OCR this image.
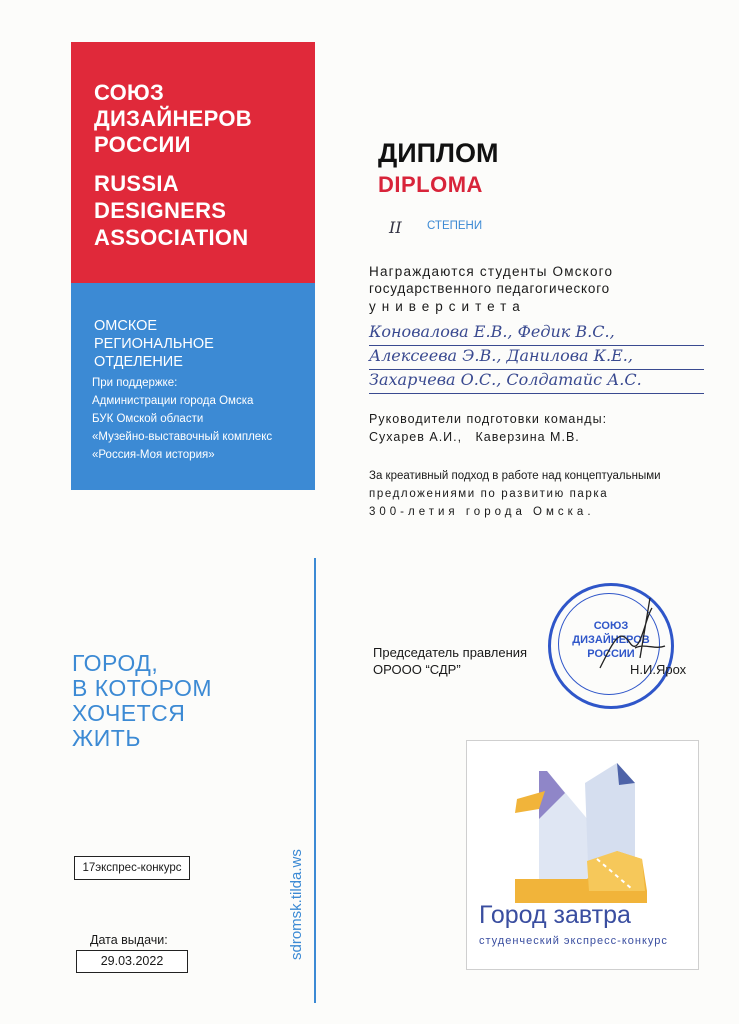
СОЮЗ
ДИЗАЙНЕРОВ
РОССИИ
RUSSIA
DESIGNERS
ASSOCIATION
ОМСКОЕ
РЕГИОНАЛЬНОЕ
ОТДЕЛЕНИЕ
При поддержке:
Администрации города Омска
БУК Омской области
«Музейно-выставочный комплекс
«Россия-Моя история»
sdromsk.tilda.ws
ГОРОД,
В КОТОРОМ
ХОЧЕТСЯ
ЖИТЬ
17экспрес-конкурс
Дата выдачи:
29.03.2022
ДИПЛОМ
DIPLOMA
II СТЕПЕНИ
Награждаются студенты Омского
государственного педагогического
университета
Коновалова Е.В., Федик В.С.,
Алексеева Э.В., Данилова К.Е.,
Захарчева О.С., Солдатайс А.С.
Руководители подготовки команды:
Сухарев А.И.,   Каверзина М.В.
За креативный подход в работе над концептуальными
предложениями по развитию парка
300-летия города Омска.
СОЮЗ
ДИЗАЙНЕРОВ
РОССИИ
Председатель правления
ОРООО “СДР”	Н.И.Ярох
Город завтра
студенческий экспресс-конкурс
